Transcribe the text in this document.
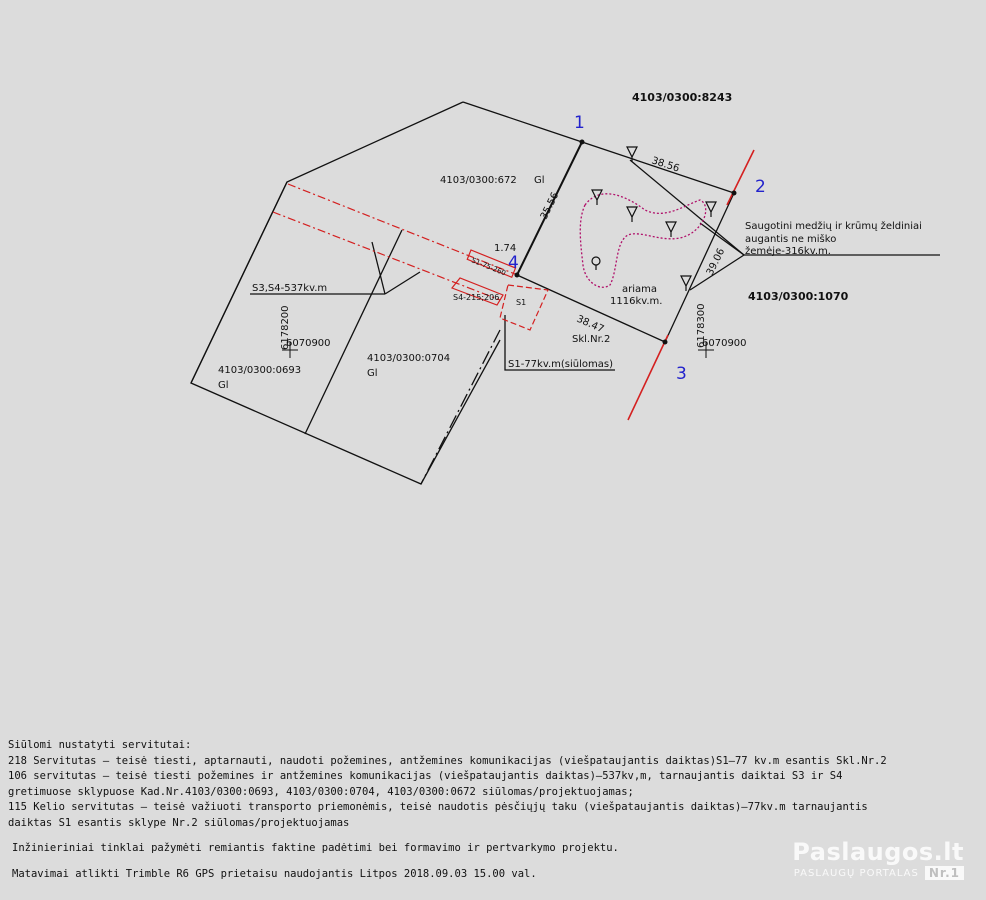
1
2
3
4
4103/0300:8243
4103/0300:672 Gl
4103/0300:1070
4103/0300:0704
Gl
4103/0300:0693
Gl
38.56
35.56
39.06
38.47
1.74
Saugotini medžių ir krūmų želdiniai
augantis ne miško
žemėje-316kv.m.
ariama
1116kv.m.
Skl.Nr.2
S3,S4-537kv.m
S4-215;206
S1
S1-75-260
S1-77kv.m(siūlomas)
6070900
6178200	6070900
6178300

Siūlomi nustatyti servitutai:

218 Servitutas – teisė tiesti, aptarnauti, naudoti požemines, antžemines komunikacijas (viešpataujantis daiktas)S1–77 kv.m esantis Skl.Nr.2

106 servitutas – teisė tiesti požemines ir antžemines komunikacijas (viešpataujantis daiktas)–537kv,m, tarnaujantis daiktai S3 ir S4

gretimuose sklypuose Kad.Nr.4103/0300:0693, 4103/0300:0704, 4103/0300:0672 siūlomas/projektuojamas;

115 Kelio servitutas – teisė važiuoti transporto priemonėmis, teisė naudotis pėsčiųjų taku (viešpataujantis daiktas)–77kv.m tarnaujantis

daiktas S1 esantis sklype Nr.2 siūlomas/projektuojamas

Inžinieriniai tinklai pažymėti remiantis faktine padėtimi bei formavimo ir pertvarkymo projektu.

Matavimai atlikti Trimble R6 GPS prietaisu naudojantis Litpos 2018.09.03 15.00 val.

Paslaugos.lt
PASLAUGŲ PORTALAS Nr.1
